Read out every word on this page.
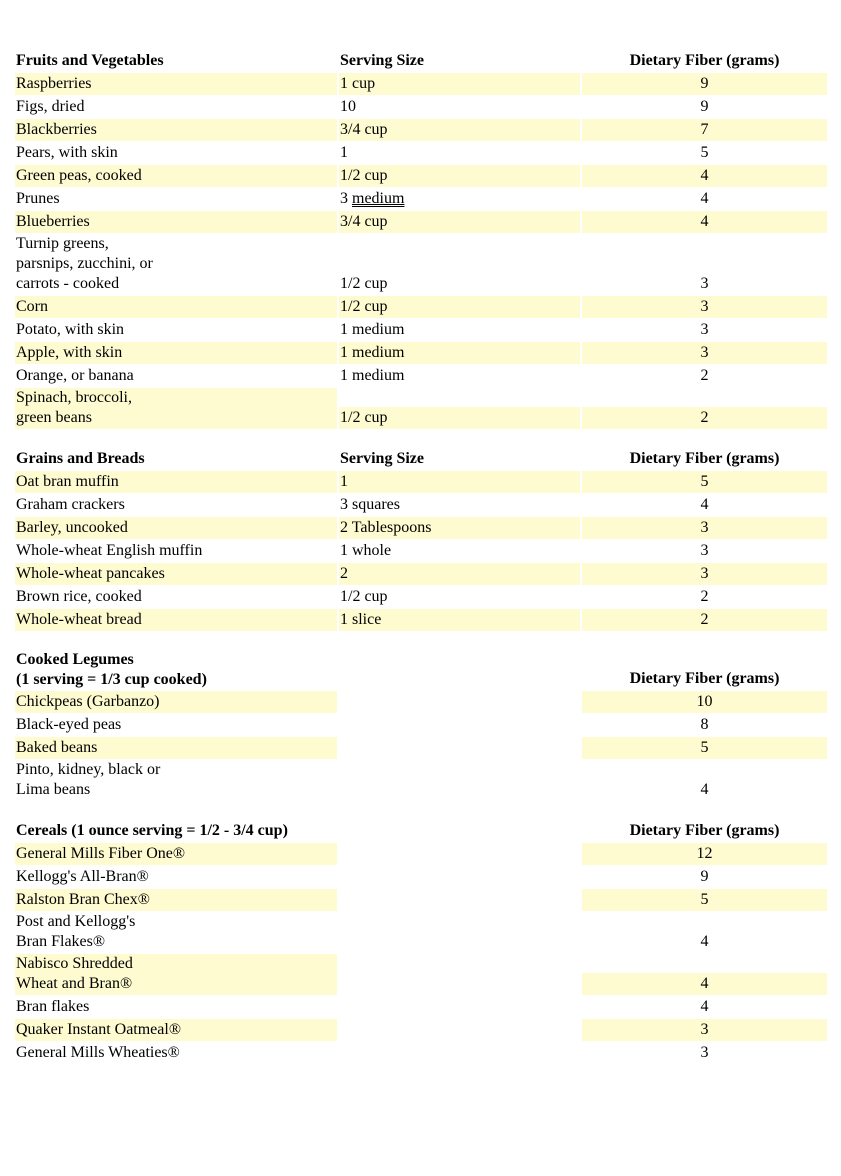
Fruits and Vegetables	Serving Size	Dietary Fiber (grams)
Raspberries	1 cup	9
Figs, dried	10	9
Blackberries	3/4 cup	7
Pears, with skin	1	5
Green peas, cooked	1/2 cup	4
Prunes	3 medium	4
Blueberries	3/4 cup	4
Turnip greens,
parsnips, zucchini, or
carrots - cooked	1/2 cup	3
Corn	1/2 cup	3
Potato, with skin	1 medium	3
Apple, with skin	1 medium	3
Orange, or banana	1 medium	2
Spinach, broccoli,
green beans	1/2 cup	2
Grains and Breads	Serving Size	Dietary Fiber (grams)
Oat bran muffin	1	5
Graham crackers	3 squares	4
Barley, uncooked	2 Tablespoons	3
Whole-wheat English muffin	1 whole	3
Whole-wheat pancakes	2	3
Brown rice, cooked	1/2 cup	2
Whole-wheat bread	1 slice	2
Cooked Legumes
(1 serving = 1/3 cup cooked)	Dietary Fiber (grams)
Chickpeas (Garbanzo)	10
Black-eyed peas	8
Baked beans	5
Pinto, kidney, black or
Lima beans	4
Cereals (1 ounce serving = 1/2 - 3/4 cup)	Dietary Fiber (grams)
General Mills Fiber One®	12
Kellogg's All-Bran®	9
Ralston Bran Chex®	5
Post and Kellogg's
Bran Flakes®	4
Nabisco Shredded
Wheat and Bran®	4
Bran flakes	4
Quaker Instant Oatmeal®	3
General Mills Wheaties®	3
